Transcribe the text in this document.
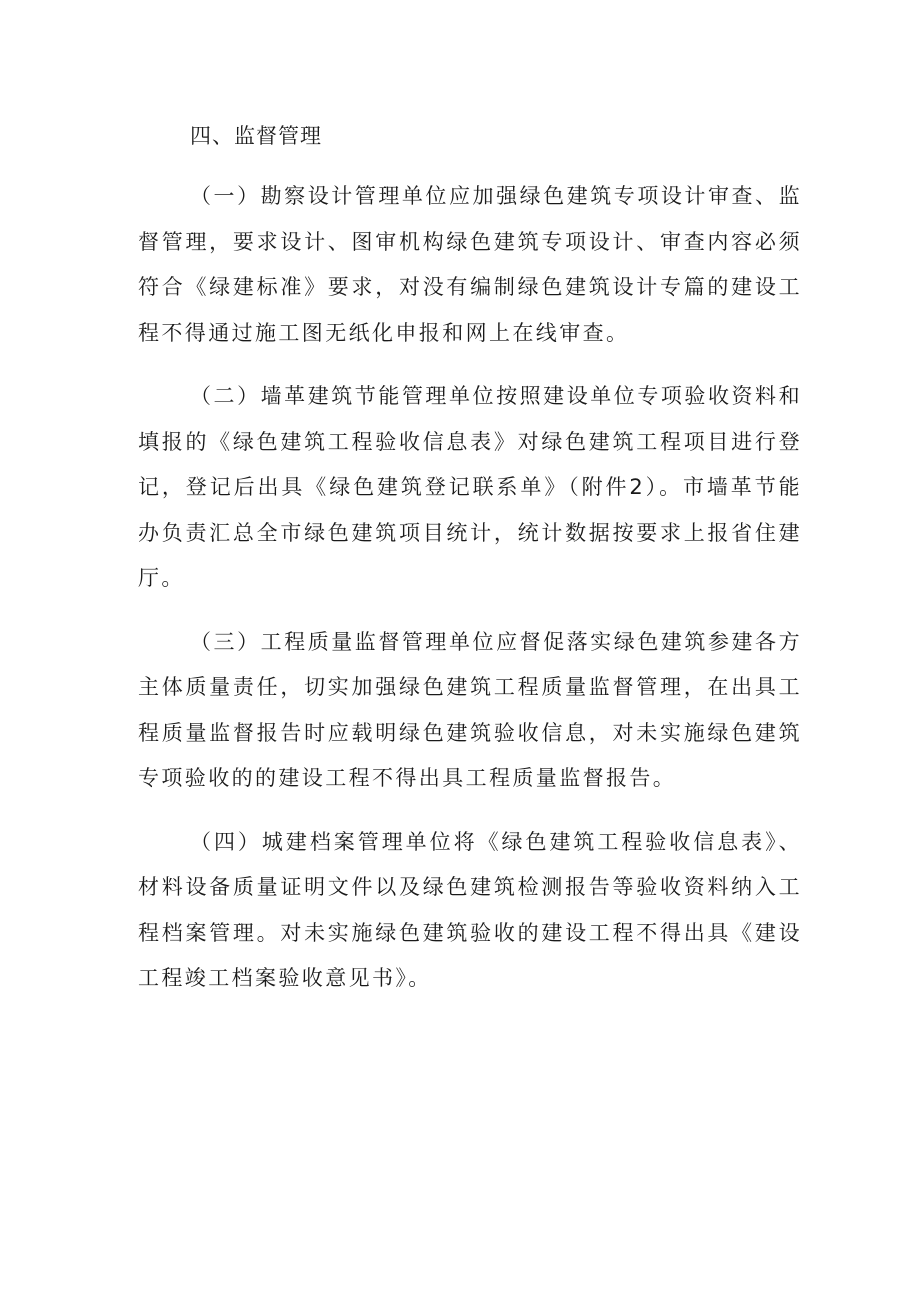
四、监督管理

（一）勘察设计管理单位应加强绿色建筑专项设计审查、监督管理，要求设计、图审机构绿色建筑专项设计、审查内容必须符合《绿建标准》要求，对没有编制绿色建筑设计专篇的建设工程不得通过施工图无纸化申报和网上在线审查。

（二）墙革建筑节能管理单位按照建设单位专项验收资料和填报的《绿色建筑工程验收信息表》对绿色建筑工程项目进行登记，登记后出具《绿色建筑登记联系单》（附件2）。市墙革节能办负责汇总全市绿色建筑项目统计，统计数据按要求上报省住建厅。

（三）工程质量监督管理单位应督促落实绿色建筑参建各方主体质量责任，切实加强绿色建筑工程质量监督管理，在出具工程质量监督报告时应载明绿色建筑验收信息，对未实施绿色建筑专项验收的的建设工程不得出具工程质量监督报告。

（四）城建档案管理单位将《绿色建筑工程验收信息表》、材料设备质量证明文件以及绿色建筑检测报告等验收资料纳入工程档案管理。对未实施绿色建筑验收的建设工程不得出具《建设工程竣工档案验收意见书》。
